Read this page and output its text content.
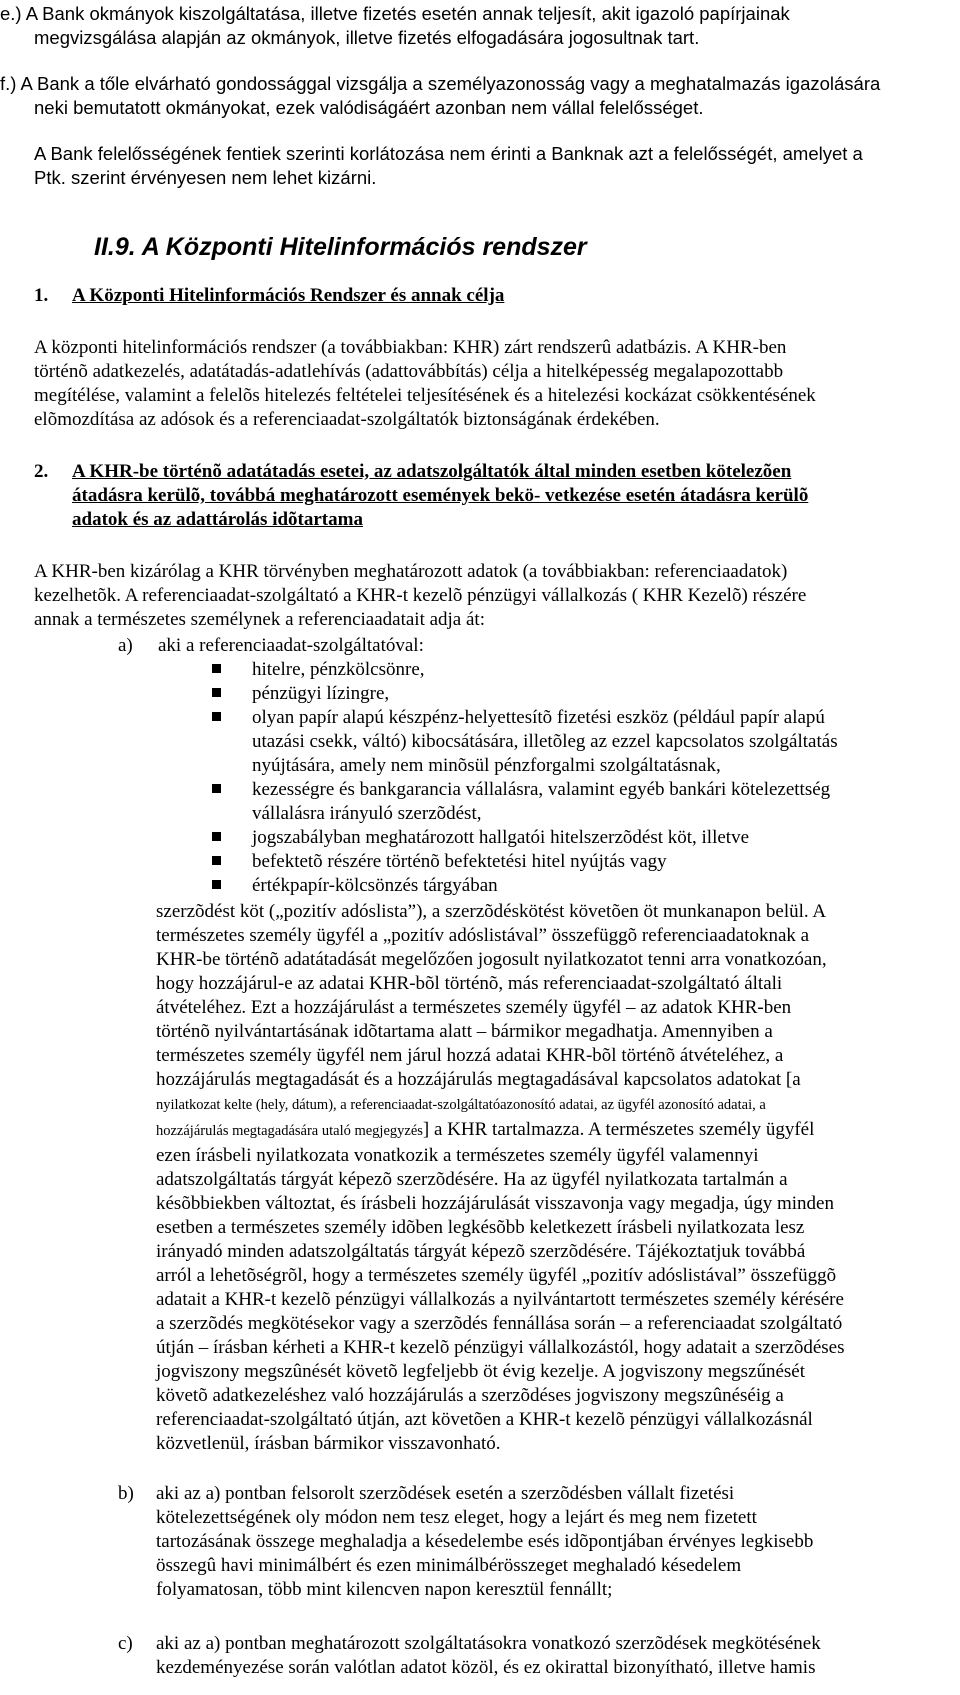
e.) A Bank okmányok kiszolgáltatása, illetve fizetés esetén annak teljesít, akit igazoló papírjainak
megvizsgálása alapján az okmányok, illetve fizetés elfogadására jogosultnak tart.
f.) A Bank a tőle elvárható gondossággal vizsgálja a személyazonosság vagy a meghatalmazás igazolására
neki bemutatott okmányokat, ezek valódiságáért azonban nem vállal felelősséget.
A Bank felelősségének fentiek szerinti korlátozása nem érinti a Banknak azt a felelősségét, amelyet a
Ptk. szerint érvényesen nem lehet kizárni.
II.9. A Központi Hitelinformációs rendszer
1. A Központi Hitelinformációs Rendszer és annak célja
A központi hitelinformációs rendszer (a továbbiakban: KHR) zárt rendszerû adatbázis. A KHR-ben
történõ adatkezelés, adatátadás-adatlehívás (adattovábbítás) célja a hitelképesség megalapozottabb
megítélése, valamint a felelõs hitelezés feltételei teljesítésének és a hitelezési kockázat csökkentésének
elõmozdítása az adósok és a referenciaadat-szolgáltatók biztonságának érdekében.
2. A KHR-be történõ adatátadás esetei, az adatszolgáltatók által minden esetben kötelezõen
átadásra kerülõ, továbbá meghatározott események bekö- vetkezése esetén átadásra kerülõ
adatok és az adattárolás idõtartama
A KHR-ben kizárólag a KHR törvényben meghatározott adatok (a továbbiakban: referenciaadatok)
kezelhetõk. A referenciaadat-szolgáltató a KHR-t kezelõ pénzügyi vállalkozás ( KHR Kezelõ) részére
annak a természetes személynek a referenciaadatait adja át:
a) aki a referenciaadat-szolgáltatóval:
hitelre, pénzkölcsönre,
pénzügyi lízingre,
olyan papír alapú készpénz-helyettesítõ fizetési eszköz (például papír alapú
utazási csekk, váltó) kibocsátására, illetõleg az ezzel kapcsolatos szolgáltatás
nyújtására, amely nem minõsül pénzforgalmi szolgáltatásnak,
kezességre és bankgarancia vállalásra, valamint egyéb bankári kötelezettség
vállalásra irányuló szerzõdést,
jogszabályban meghatározott hallgatói hitelszerzõdést köt, illetve
befektetõ részére történõ befektetési hitel nyújtás vagy
értékpapír-kölcsönzés tárgyában
szerzõdést köt („pozitív adóslista”), a szerzõdéskötést követõen öt munkanapon belül. A
természetes személy ügyfél a „pozitív adóslistával” összefüggõ referenciaadatoknak a
KHR-be történõ adatátadását megelőzően jogosult nyilatkozatot tenni arra vonatkozóan,
hogy hozzájárul-e az adatai KHR-bõl történõ, más referenciaadat-szolgáltató általi
átvételéhez. Ezt a hozzájárulást a természetes személy ügyfél – az adatok KHR-ben
történõ nyilvántartásának idõtartama alatt – bármikor megadhatja. Amennyiben a
természetes személy ügyfél nem járul hozzá adatai KHR-bõl történõ átvételéhez, a
hozzájárulás megtagadását és a hozzájárulás megtagadásával kapcsolatos adatokat [a
nyilatkozat kelte (hely, dátum), a referenciaadat-szolgáltatóazonosító adatai, az ügyfél azonosító adatai, a
hozzájárulás megtagadására utaló megjegyzés] a KHR tartalmazza. A természetes személy ügyfél
ezen írásbeli nyilatkozata vonatkozik a természetes személy ügyfél valamennyi
adatszolgáltatás tárgyát képezõ szerzõdésére. Ha az ügyfél nyilatkozata tartalmán a
késõbbiekben változtat, és írásbeli hozzájárulását visszavonja vagy megadja, úgy minden
esetben a természetes személy idõben legkésõbb keletkezett írásbeli nyilatkozata lesz
irányadó minden adatszolgáltatás tárgyát képezõ szerzõdésére. Tájékoztatjuk továbbá
arról a lehetõségrõl, hogy a természetes személy ügyfél „pozitív adóslistával” összefüggõ
adatait a KHR-t kezelõ pénzügyi vállalkozás a nyilvántartott természetes személy kérésére
a szerzõdés megkötésekor vagy a szerzõdés fennállása során – a referenciaadat szolgáltató
útján – írásban kérheti a KHR-t kezelõ pénzügyi vállalkozástól, hogy adatait a szerzõdéses
jogviszony megszûnését követõ legfeljebb öt évig kezelje. A jogviszony megszűnését
követõ adatkezeléshez való hozzájárulás a szerzõdéses jogviszony megszûnéséig a
referenciaadat-szolgáltató útján, azt követõen a KHR-t kezelõ pénzügyi vállalkozásnál
közvetlenül, írásban bármikor visszavonható.
b) aki az a) pontban felsorolt szerzõdések esetén a szerzõdésben vállalt fizetési
kötelezettségének oly módon nem tesz eleget, hogy a lejárt és meg nem fizetett
tartozásának összege meghaladja a késedelembe esés idõpontjában érvényes legkisebb
összegû havi minimálbért és ezen minimálbérösszeget meghaladó késedelem
folyamatosan, több mint kilencven napon keresztül fennállt;
c) aki az a) pontban meghatározott szolgáltatásokra vonatkozó szerzõdések megkötésének
kezdeményezése során valótlan adatot közöl, és ez okirattal bizonyítható, illetve hamis
